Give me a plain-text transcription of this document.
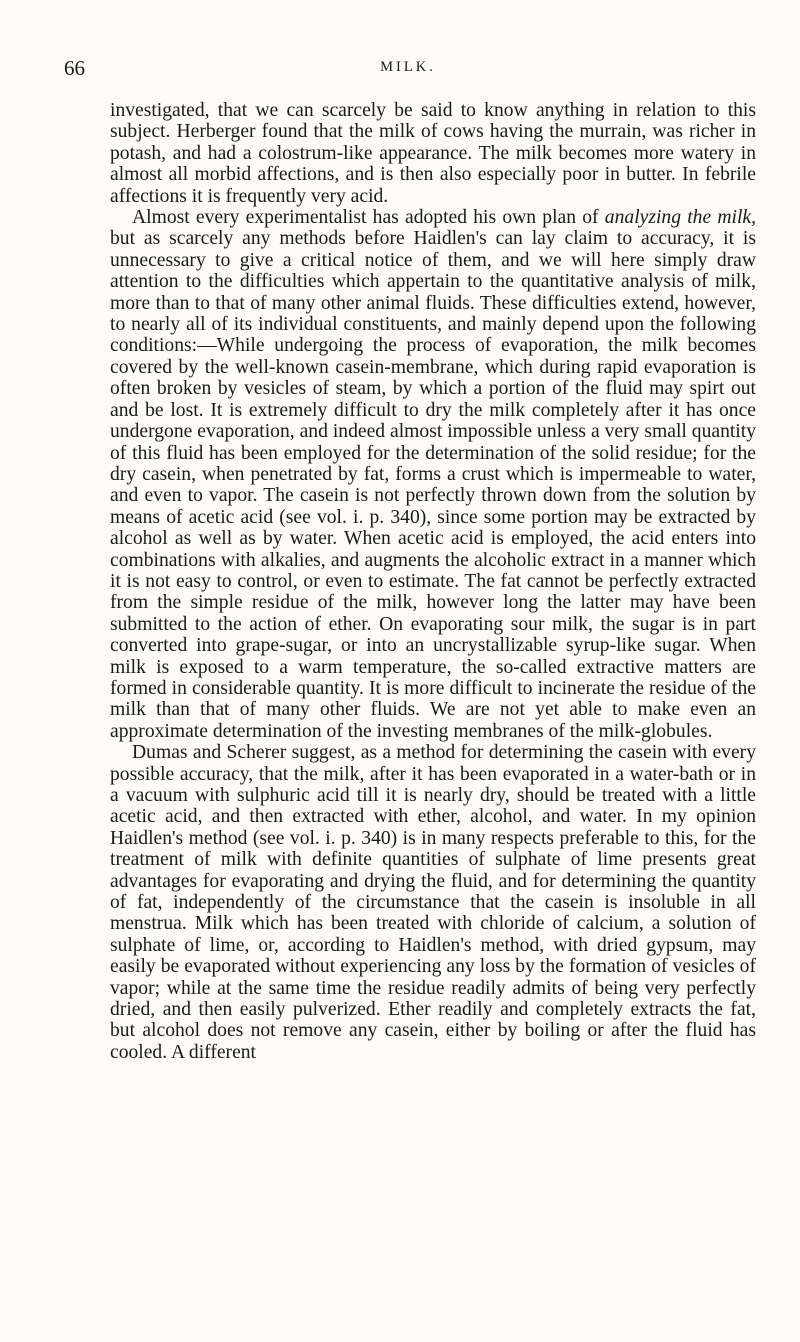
66	MILK.

investigated, that we can scarcely be said to know anything in relation to this subject. Herberger found that the milk of cows having the murrain, was richer in potash, and had a colostrum-like appearance. The milk becomes more watery in almost all morbid affections, and is then also especially poor in butter. In febrile affections it is frequently very acid.

Almost every experimentalist has adopted his own plan of analyzing the milk, but as scarcely any methods before Haidlen's can lay claim to accuracy, it is unnecessary to give a critical notice of them, and we will here simply draw attention to the difficulties which appertain to the quantitative analysis of milk, more than to that of many other animal fluids. These difficulties extend, however, to nearly all of its individual constituents, and mainly depend upon the following conditions:—While undergoing the process of evaporation, the milk becomes covered by the well-known casein-membrane, which during rapid evaporation is often broken by vesicles of steam, by which a portion of the fluid may spirt out and be lost. It is extremely difficult to dry the milk completely after it has once undergone evaporation, and indeed almost impossible unless a very small quantity of this fluid has been employed for the determination of the solid residue; for the dry casein, when penetrated by fat, forms a crust which is impermeable to water, and even to vapor. The casein is not perfectly thrown down from the solution by means of acetic acid (see vol. i. p. 340), since some portion may be extracted by alcohol as well as by water. When acetic acid is employed, the acid enters into combinations with alkalies, and augments the alcoholic extract in a manner which it is not easy to control, or even to estimate. The fat cannot be perfectly extracted from the simple residue of the milk, however long the latter may have been submitted to the action of ether. On evaporating sour milk, the sugar is in part converted into grape-sugar, or into an uncrystallizable syrup-like sugar. When milk is exposed to a warm temperature, the so-called extractive matters are formed in considerable quantity. It is more difficult to incinerate the residue of the milk than that of many other fluids. We are not yet able to make even an approximate determination of the investing membranes of the milk-globules.

Dumas and Scherer suggest, as a method for determining the casein with every possible accuracy, that the milk, after it has been evaporated in a water-bath or in a vacuum with sulphuric acid till it is nearly dry, should be treated with a little acetic acid, and then extracted with ether, alcohol, and water. In my opinion Haidlen's method (see vol. i. p. 340) is in many respects preferable to this, for the treatment of milk with definite quantities of sulphate of lime presents great advantages for evaporating and drying the fluid, and for determining the quantity of fat, independently of the circumstance that the casein is insoluble in all menstrua. Milk which has been treated with chloride of calcium, a solution of sulphate of lime, or, according to Haidlen's method, with dried gypsum, may easily be evaporated without experiencing any loss by the formation of vesicles of vapor; while at the same time the residue readily admits of being very perfectly dried, and then easily pulverized. Ether readily and completely extracts the fat, but alcohol does not remove any casein, either by boiling or after the fluid has cooled. A different
